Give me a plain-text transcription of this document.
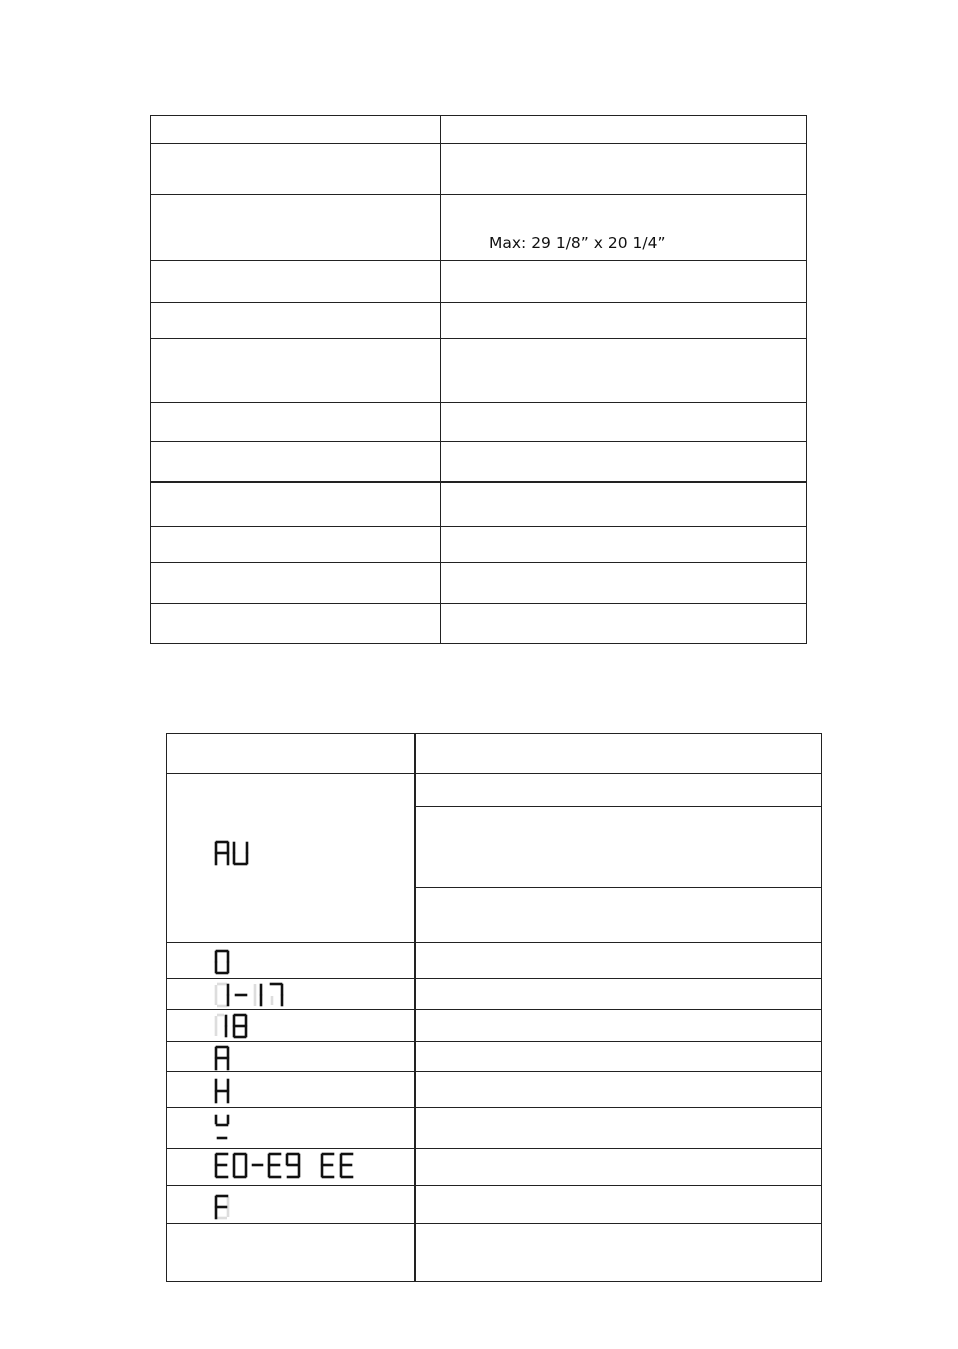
Max: 29 1/8” x 20 1/4”
